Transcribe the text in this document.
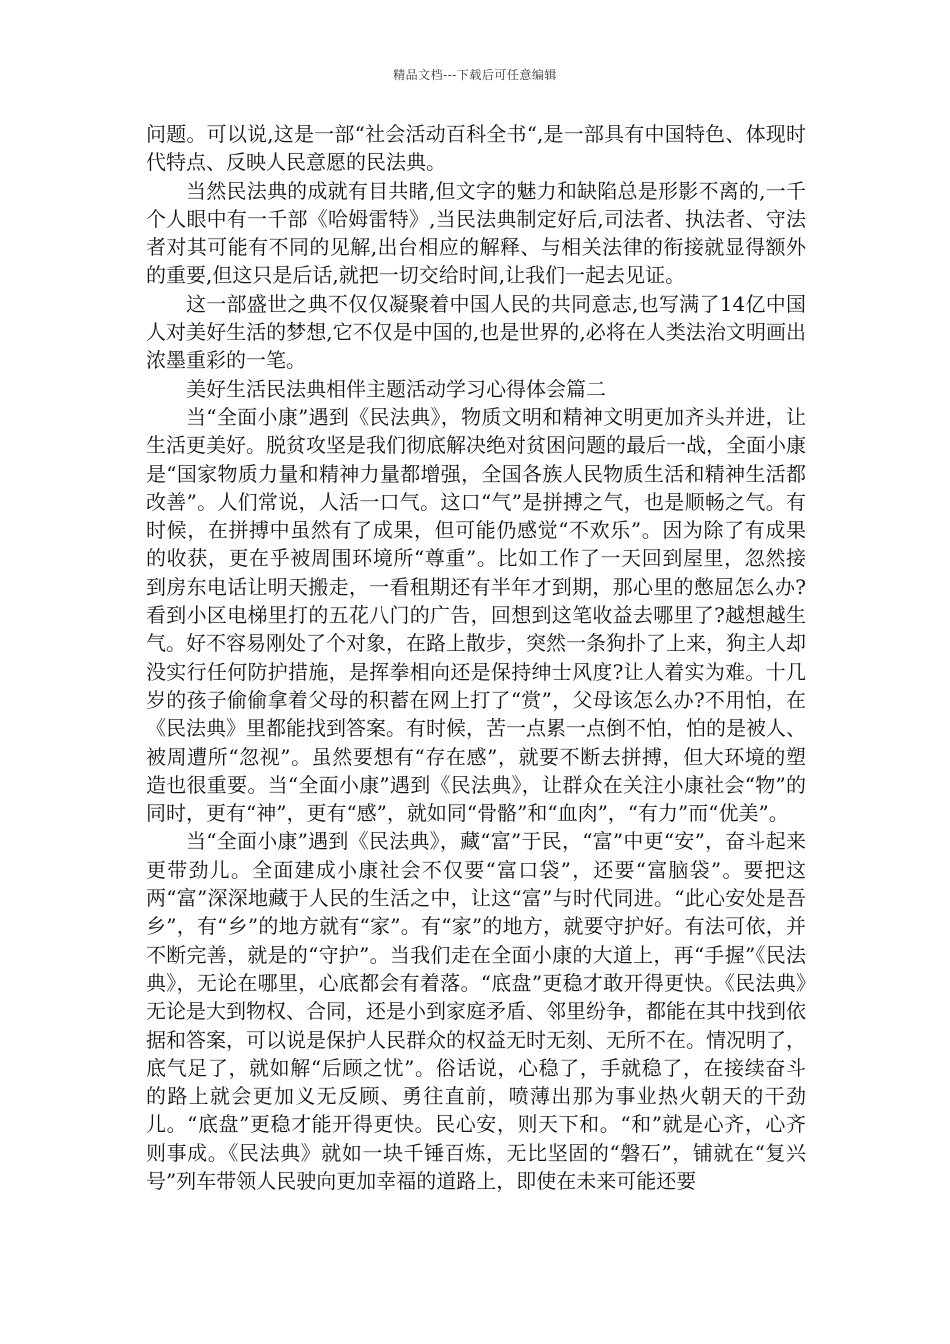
精品文档---下载后可任意编辑

问题。可以说,这是一部“社会活动百科全书“,是一部具有中国特色、体现时代特点、反映人民意愿的民法典。

当然民法典的成就有目共睹,但文字的魅力和缺陷总是形影不离的,一千个人眼中有一千部《哈姆雷特》,当民法典制定好后,司法者、执法者、守法者对其可能有不同的见解,出台相应的解释、与相关法律的衔接就显得额外的重要,但这只是后话,就把一切交给时间,让我们一起去见证。

这一部盛世之典不仅仅凝聚着中国人民的共同意志,也写满了14亿中国人对美好生活的梦想,它不仅是中国的,也是世界的,必将在人类法治文明画出浓墨重彩的一笔。

美好生活民法典相伴主题活动学习心得体会篇二

当“全面小康”遇到《民法典》，物质文明和精神文明更加齐头并进，让生活更美好。脱贫攻坚是我们彻底解决绝对贫困问题的最后一战，全面小康是“国家物质力量和精神力量都增强，全国各族人民物质生活和精神生活都改善”。人们常说，人活一口气。这口“气”是拼搏之气，也是顺畅之气。有时候，在拼搏中虽然有了成果，但可能仍感觉“不欢乐”。因为除了有成果的收获，更在乎被周围环境所“尊重”。比如工作了一天回到屋里，忽然接到房东电话让明天搬走，一看租期还有半年才到期，那心里的憋屈怎么办?看到小区电梯里打的五花八门的广告，回想到这笔收益去哪里了?越想越生气。好不容易刚处了个对象，在路上散步，突然一条狗扑了上来，狗主人却没实行任何防护措施，是挥拳相向还是保持绅士风度?让人着实为难。十几岁的孩子偷偷拿着父母的积蓄在网上打了“赏”，父母该怎么办?不用怕，在《民法典》里都能找到答案。有时候，苦一点累一点倒不怕，怕的是被人、被周遭所“忽视”。虽然要想有“存在感”，就要不断去拼搏，但大环境的塑造也很重要。当“全面小康”遇到《民法典》，让群众在关注小康社会“物”的同时，更有“神”，更有“感”，就如同“骨骼”和“血肉”，“有力”而“优美”。

当“全面小康”遇到《民法典》，藏“富”于民，“富”中更“安”，奋斗起来更带劲儿。全面建成小康社会不仅要“富口袋”，还要“富脑袋”。要把这两“富”深深地藏于人民的生活之中，让这“富”与时代同进。“此心安处是吾乡”，有“乡”的地方就有“家”。有“家”的地方，就要守护好。有法可依，并不断完善，就是的“守护”。当我们走在全面小康的大道上，再“手握”《民法典》，无论在哪里，心底都会有着落。“底盘”更稳才敢开得更快。《民法典》无论是大到物权、合同，还是小到家庭矛盾、邻里纷争，都能在其中找到依据和答案，可以说是保护人民群众的权益无时无刻、无所不在。情况明了，底气足了，就如解“后顾之忧”。俗话说，心稳了，手就稳了，在接续奋斗的路上就会更加义无反顾、勇往直前，喷薄出那为事业热火朝天的干劲儿。“底盘”更稳才能开得更快。民心安，则天下和。“和”就是心齐，心齐则事成。《民法典》就如一块千锤百炼，无比坚固的“磐石”，铺就在“复兴号”列车带领人民驶向更加幸福的道路上，即使在未来可能还要
